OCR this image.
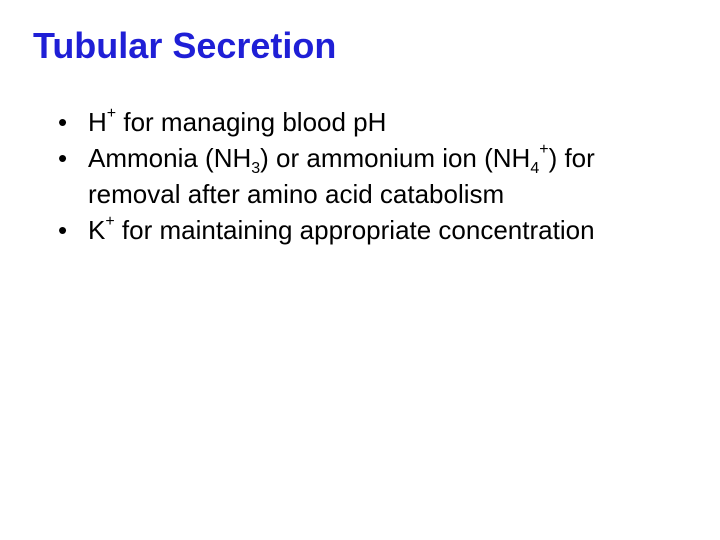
Tubular Secretion
• H+ for managing blood pH
• Ammonia $(NH_3)$ or ammonium ion $(NH_4^+)$ for removal after amino acid catabolism
• K+ for maintaining appropriate concentration
